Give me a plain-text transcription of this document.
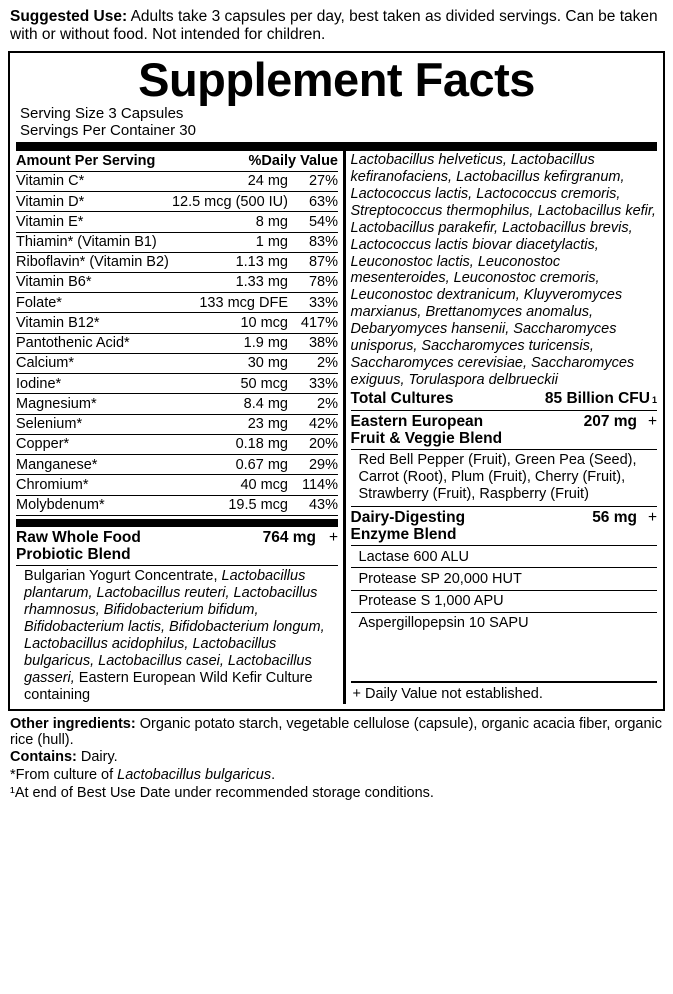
Suggested Use: Adults take 3 capsules per day, best taken as divided servings. Can be taken with or without food. Not intended for children.
Supplement Facts
Serving Size 3 Capsules
Servings Per Container 30
Amount Per Serving	%Daily Value
Vitamin C*	24 mg	27%
Vitamin D*	12.5 mcg (500 IU)	63%
Vitamin E*	8 mg	54%
Thiamin* (Vitamin B1)	1 mg	83%
Riboflavin* (Vitamin B2)	1.13 mg	87%
Vitamin B6*	1.33 mg	78%
Folate*	133 mcg DFE	33%
Vitamin B12*	10 mcg 417%
Pantothenic Acid*	1.9 mg	38%
Calcium*	30 mg	2%
Iodine*	50 mcg	33%
Magnesium*	8.4 mg	2%
Selenium*	23 mg	42%
Copper*	0.18 mg	20%
Manganese*	0.67 mg	29%
Chromium*	40 mcg 114%
Molybdenum*	19.5 mcg	43%
Raw Whole Food
Probiotic Blend
764 mg +
Bulgarian Yogurt Concentrate, Lactobacillus plantarum, Lactobacillus reuteri, Lactobacillus rhamnosus, Bifidobacterium bifidum, Bifidobacterium lactis, Bifidobacterium longum, Lactobacillus acidophilus, Lactobacillus bulgaricus, Lactobacillus casei, Lactobacillus gasseri, Eastern European Wild Kefir Culture containing
Lactobacillus helveticus, Lactobacillus kefiranofaciens, Lactobacillus kefirgranum, Lactococcus lactis, Lactococcus cremoris, Streptococcus thermophilus, Lactobacillus kefir, Lactobacillus parakefir, Lactobacillus brevis, Lactococcus lactis biovar diacetylactis, Leuconostoc lactis, Leuconostoc mesenteroides, Leuconostoc cremoris, Leuconostoc dextranicum, Kluyveromyces marxianus, Brettanomyces anomalus, Debaryomyces hansenii, Saccharomyces unisporus, Saccharomyces turicensis, Saccharomyces cerevisiae, Saccharomyces exiguus, Torulaspora delbrueckii
Total Cultures	85 Billion CFU 1
Eastern European
Fruit & Veggie Blend
207 mg +
Red Bell Pepper (Fruit), Green Pea (Seed), Carrot (Root), Plum (Fruit), Cherry (Fruit), Strawberry (Fruit), Raspberry (Fruit)
Dairy-Digesting
Enzyme Blend
56 mg +
Lactase 600 ALU
Protease SP 20,000 HUT
Protease S 1,000 APU
Aspergillopepsin 10 SAPU
+ Daily Value not established.
Other ingredients: Organic potato starch, vegetable cellulose (capsule), organic acacia fiber, organic rice (hull).
Contains: Dairy.
*From culture of Lactobacillus bulgaricus.
¹At end of Best Use Date under recommended storage conditions.
